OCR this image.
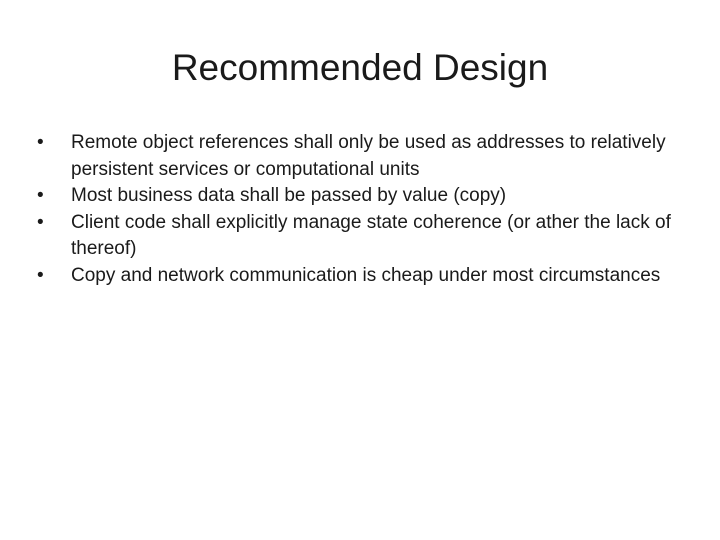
Recommended Design
• Remote object references shall only be used as addresses to relatively persistent services or computational units
• Most business data shall be passed by value (copy)
• Client code shall explicitly manage state coherence (or ather the lack of thereof)
• Copy and network communication is cheap under most circumstances
